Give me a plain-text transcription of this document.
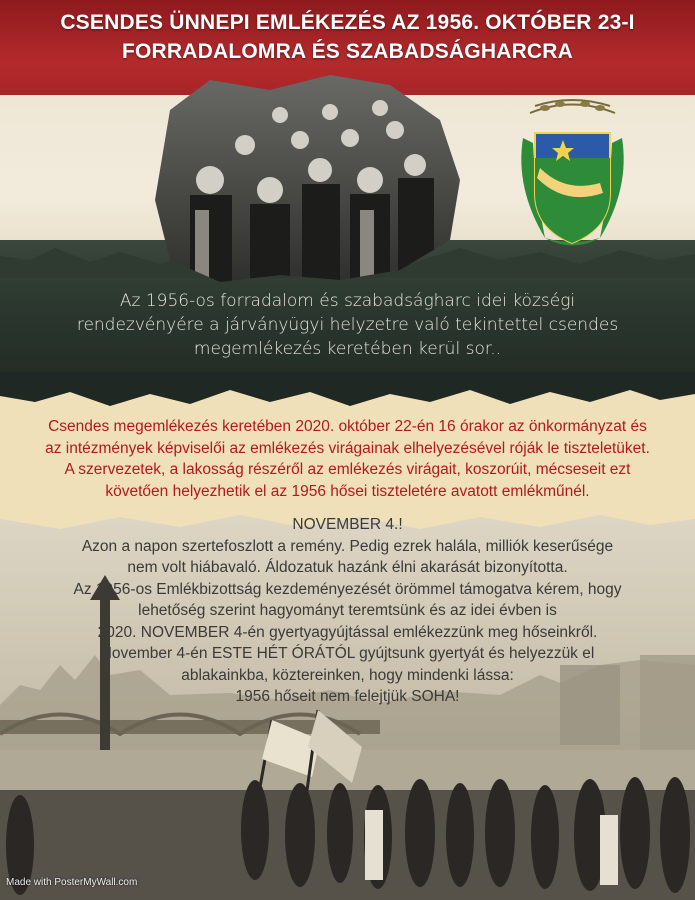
CSENDES ÜNNEPI EMLÉKEZÉS AZ 1956. OKTÓBER 23-I
FORRADALOMRA ÉS SZABADSÁGHARCRA
Az 1956-os forradalom és szabadságharc idei községi
rendezvényére a járványügyi helyzetre való tekintettel csendes
megemlékezés keretében kerül sor..
Csendes megemlékezés keretében 2020. október 22-én 16 órakor az önkormányzat és
az intézmények képviselői az emlékezés virágainak elhelyezésével róják le tiszteletüket.
A szervezetek, a lakosság részéről az emlékezés virágait, koszorúit, mécseseit ezt
követően helyezhetik el az 1956 hősei tiszteletére avatott emlékműnél.
NOVEMBER 4.!
Azon a napon szertefoszlott a remény. Pedig ezrek halála, milliók keserűsége
nem volt hiábavaló. Áldozatuk hazánk élni akarását bizonyította.
Az 1956-os Emlékbizottság kezdeményezését örömmel támogatva kérem, hogy
lehetőség szerint hagyományt teremtsünk és az idei évben is
2020. NOVEMBER 4-én gyertyagyújtással emlékezzünk meg hőseinkről.
November 4-én ESTE HÉT ÓRÁTÓL gyújtsunk gyertyát és helyezzük el
ablakainkba, köztereinken, hogy mindenki lássa:
1956 hőseit nem felejtjük SOHA!
Made with PosterMyWall.com
